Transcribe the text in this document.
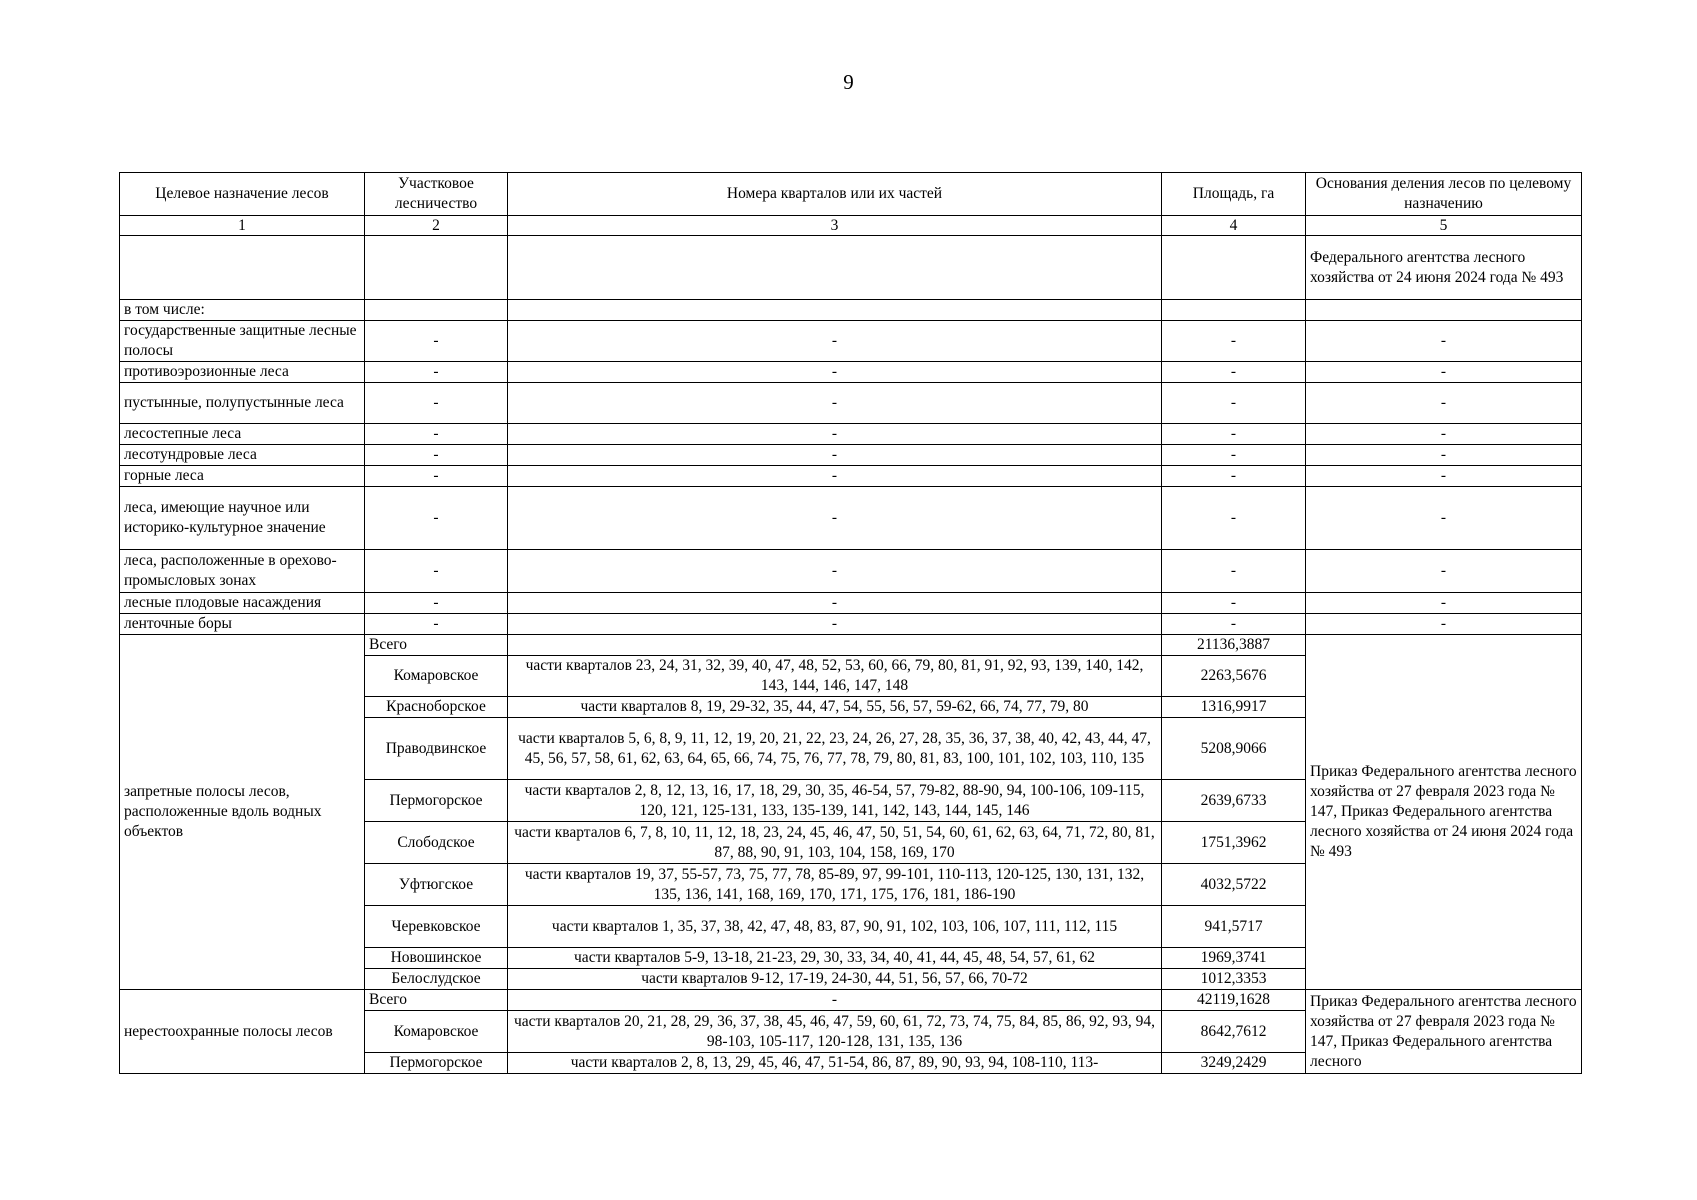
9
Целевое назначение лесов	Участковое лесничество	Номера кварталов или их частей	Площадь, га	Основания деления лесов по целевому назначению
1	2	3	4	5
				Федерального агентства лесного хозяйства от 24 июня 2024 года № 493
в том числе:				
государственные защитные лесные полосы	-	-	-	-
противоэрозионные леса	-	-	-	-
пустынные, полупустынные леса	-	-	-	-
лесостепные леса	-	-	-	-
лесотундровые леса	-	-	-	-
горные леса	-	-	-	-
леса, имеющие научное или историко-культурное значение	-	-	-	-
леса, расположенные в орехово-промысловых зонах	-	-	-	-
лесные плодовые насаждения	-	-	-	-
ленточные боры	-	-	-	-
запретные полосы лесов, расположенные вдоль водных объектов	Всего		21136,3887	Приказ Федерального агентства лесного хозяйства от 27 февраля 2023 года № 147, Приказ Федерального агентства лесного хозяйства от 24 июня 2024 года № 493
	Комаровское	части кварталов 23, 24, 31, 32, 39, 40, 47, 48, 52, 53, 60, 66, 79, 80, 81, 91, 92, 93, 139, 140, 142, 143, 144, 146, 147, 148	2263,5676	
	Красноборское	части кварталов 8, 19, 29-32, 35, 44, 47, 54, 55, 56, 57, 59-62, 66, 74, 77, 79, 80	1316,9917	
	Праводвинское	части кварталов 5, 6, 8, 9, 11, 12, 19, 20, 21, 22, 23, 24, 26, 27, 28, 35, 36, 37, 38, 40, 42, 43, 44, 47, 45, 56, 57, 58, 61, 62, 63, 64, 65, 66, 74, 75, 76, 77, 78, 79, 80, 81, 83, 100, 101, 102, 103, 110, 135	5208,9066	
	Пермогорское	части кварталов 2, 8, 12, 13, 16, 17, 18, 29, 30, 35, 46-54, 57, 79-82, 88-90, 94, 100-106, 109-115, 120, 121, 125-131, 133, 135-139, 141, 142, 143, 144, 145, 146	2639,6733	
	Слободское	части кварталов 6, 7, 8, 10, 11, 12, 18, 23, 24, 45, 46, 47, 50, 51, 54, 60, 61, 62, 63, 64, 71, 72, 80, 81, 87, 88, 90, 91, 103, 104, 158, 169, 170	1751,3962	
	Уфтюгское	части кварталов 19, 37, 55-57, 73, 75, 77, 78, 85-89, 97, 99-101, 110-113, 120-125, 130, 131, 132, 135, 136, 141, 168, 169, 170, 171, 175, 176, 181, 186-190	4032,5722	
	Черевковское	части кварталов 1, 35, 37, 38, 42, 47, 48, 83, 87, 90, 91, 102, 103, 106, 107, 111, 112, 115	941,5717	
	Новошинское	части кварталов 5-9, 13-18, 21-23, 29, 30, 33, 34, 40, 41, 44, 45, 48, 54, 57, 61, 62	1969,3741	
	Белослудское	части кварталов 9-12, 17-19, 24-30, 44, 51, 56, 57, 66, 70-72	1012,3353	
нерестоохранные полосы лесов	Всего	-	42119,1628	Приказ Федерального агентства лесного хозяйства от 27 февраля 2023 года № 147, Приказ Федерального агентства лесного
	Комаровское	части кварталов 20, 21, 28, 29, 36, 37, 38, 45, 46, 47, 59, 60, 61, 72, 73, 74, 75, 84, 85, 86, 92, 93, 94, 98-103, 105-117, 120-128, 131, 135, 136	8642,7612	
	Пермогорское	части кварталов 2, 8, 13, 29, 45, 46, 47, 51-54, 86, 87, 89, 90, 93, 94, 108-110, 113-	3249,2429	
